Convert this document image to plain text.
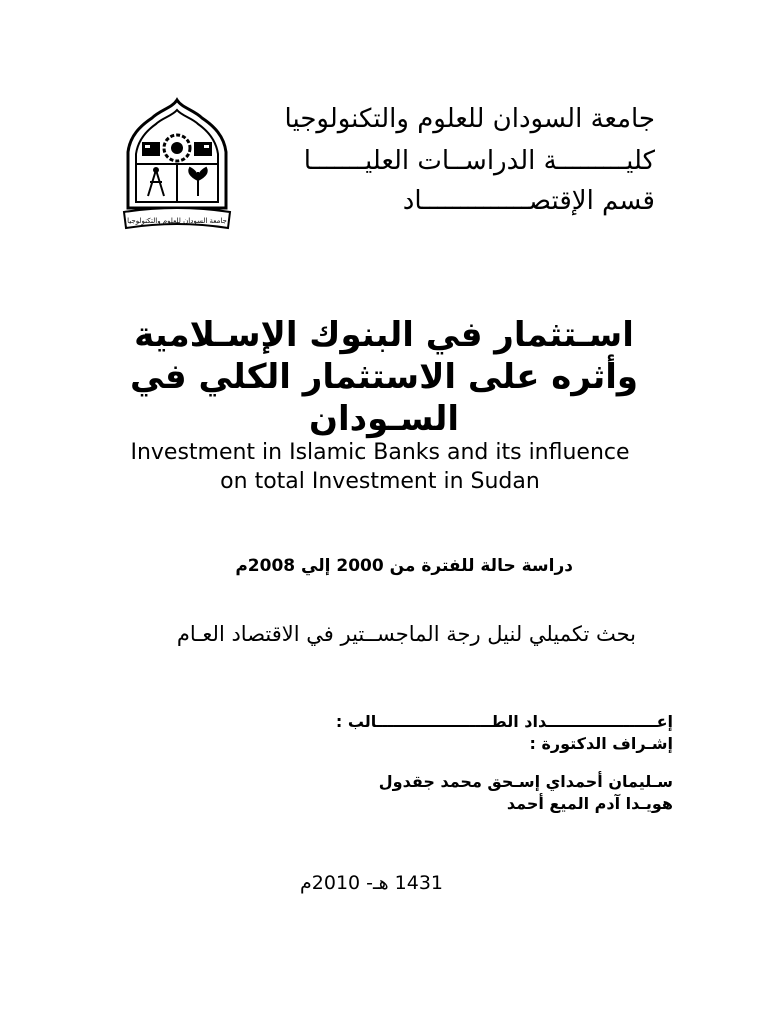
جامعة السودان للعلوم والتكنولوجيا
جامعة السودان للعلوم والتكنولوجيا
كليـــــــــة الدراســات العليـــــــا
قسم الإقتصــــــــــــــاد
اسـتثمار في البنوك الإسـلامية
وأثره على الاستثمار الكلي في
السـودان
Investment in Islamic Banks and its influence on total Investment in Sudan
دراسة حالة للفترة من 2000 إلي 2008م
بحث تكميلي لنيل رجة الماجســتير في الاقتصاد العـام
إعــــــــــــــــــــداد الطـــــــــــــــــــــالب :
إشـراف الدكتورة :
سـليمان أحمداي إسـحق محمد جقدول
هويـدا آدم الميع أحمد
1431 هـ- 2010م
